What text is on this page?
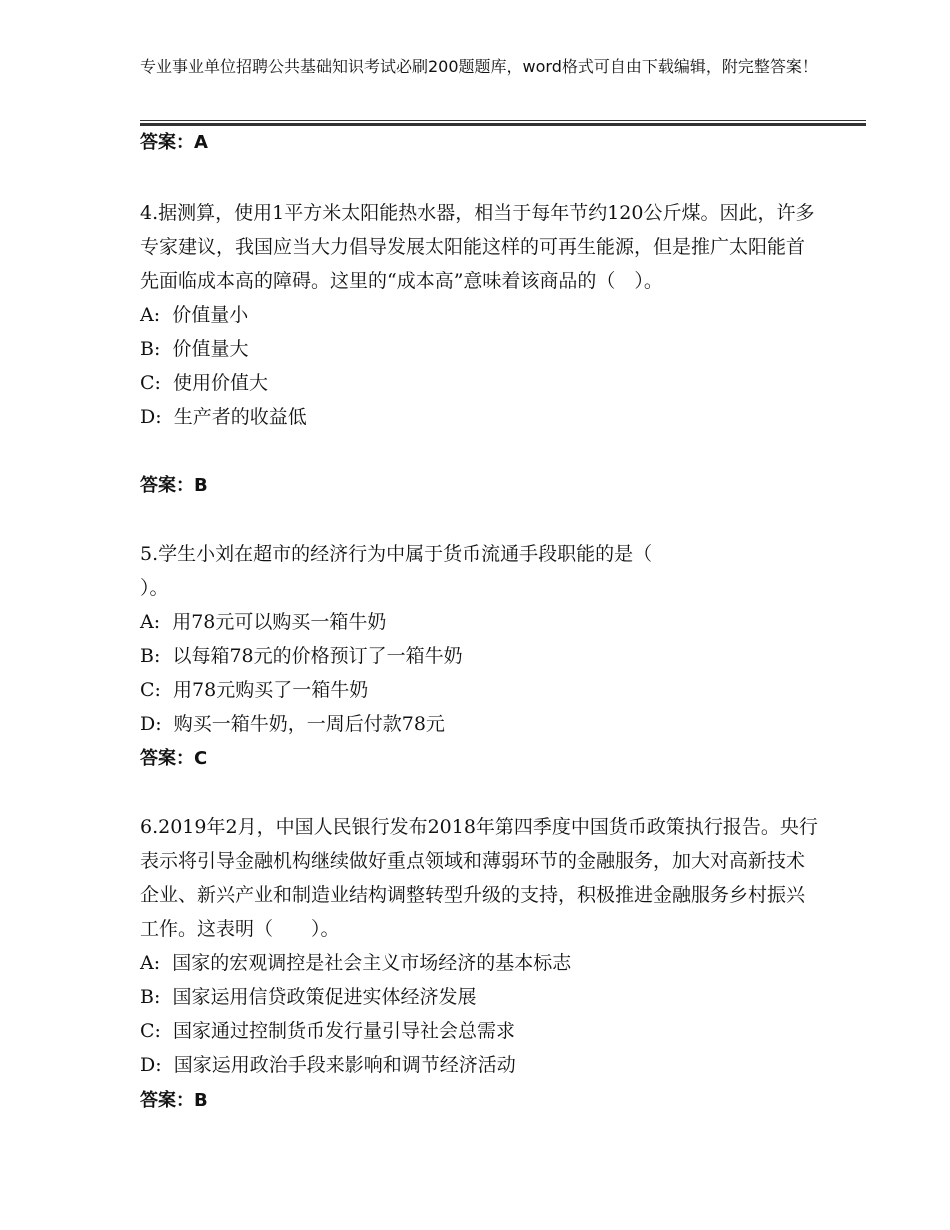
专业事业单位招聘公共基础知识考试必刷200题题库，word格式可自由下载编辑，附完整答案！
答案：A

4.据测算，使用1平方米太阳能热水器，相当于每年节约120公斤煤。因此，许多专家建议，我国应当大力倡导发展太阳能这样的可再生能源，但是推广太阳能首先面临成本高的障碍。这里的“成本高”意味着该商品的（　）。

A:
价值量小
B:
价值量大
C:
使用价值大
D:
生产者的收益低
答案：B

5.学生小刘在超市的经济行为中属于货币流通手段职能的是（
）。

A:
用78元可以购买一箱牛奶
B:
以每箱78元的价格预订了一箱牛奶
C:
用78元购买了一箱牛奶
D:
购买一箱牛奶，一周后付款78元
答案：C

6.2019年2月，中国人民银行发布2018年第四季度中国货币政策执行报告。央行表示将引导金融机构继续做好重点领域和薄弱环节的金融服务，加大对高新技术企业、新兴产业和制造业结构调整转型升级的支持，积极推进金融服务乡村振兴工作。这表明（　　）。

A:
国家的宏观调控是社会主义市场经济的基本标志
B:
国家运用信贷政策促进实体经济发展
C:
国家通过控制货币发行量引导社会总需求
D:
国家运用政治手段来影响和调节经济活动
答案：B
